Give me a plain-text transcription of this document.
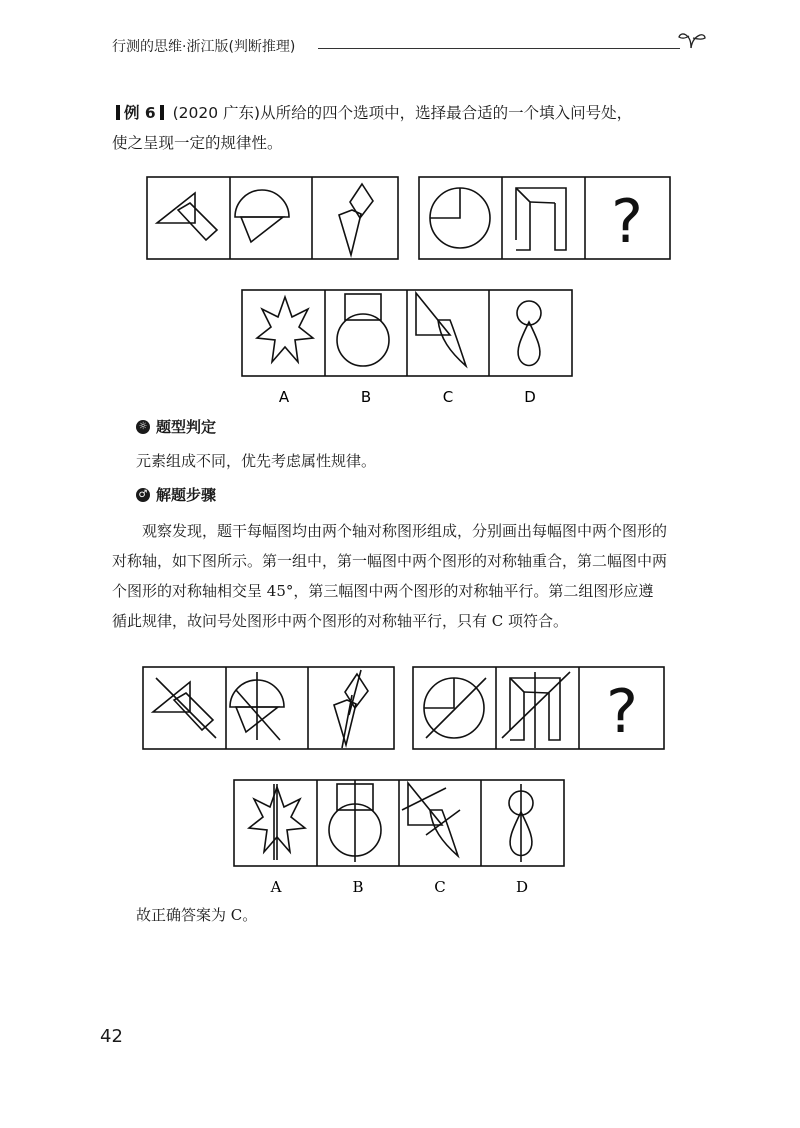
行测的思维·浙江版(判断推理)
例 6 (2020 广东)从所给的四个选项中，选择最合适的一个填入问号处，
使之呈现一定的规律性。
?
A	B	C	D
☼ 题型判定
元素组成不同，优先考虑属性规律。
♂ 解题步骤
观察发现，题干每幅图均由两个轴对称图形组成，分别画出每幅图中两个图形的
对称轴，如下图所示。第一组中，第一幅图中两个图形的对称轴重合，第二幅图中两
个图形的对称轴相交呈 45°，第三幅图中两个图形的对称轴平行。第二组图形应遵
循此规律，故问号处图形中两个图形的对称轴平行，只有 C 项符合。
?
A	B	C	D
故正确答案为 C。
42
